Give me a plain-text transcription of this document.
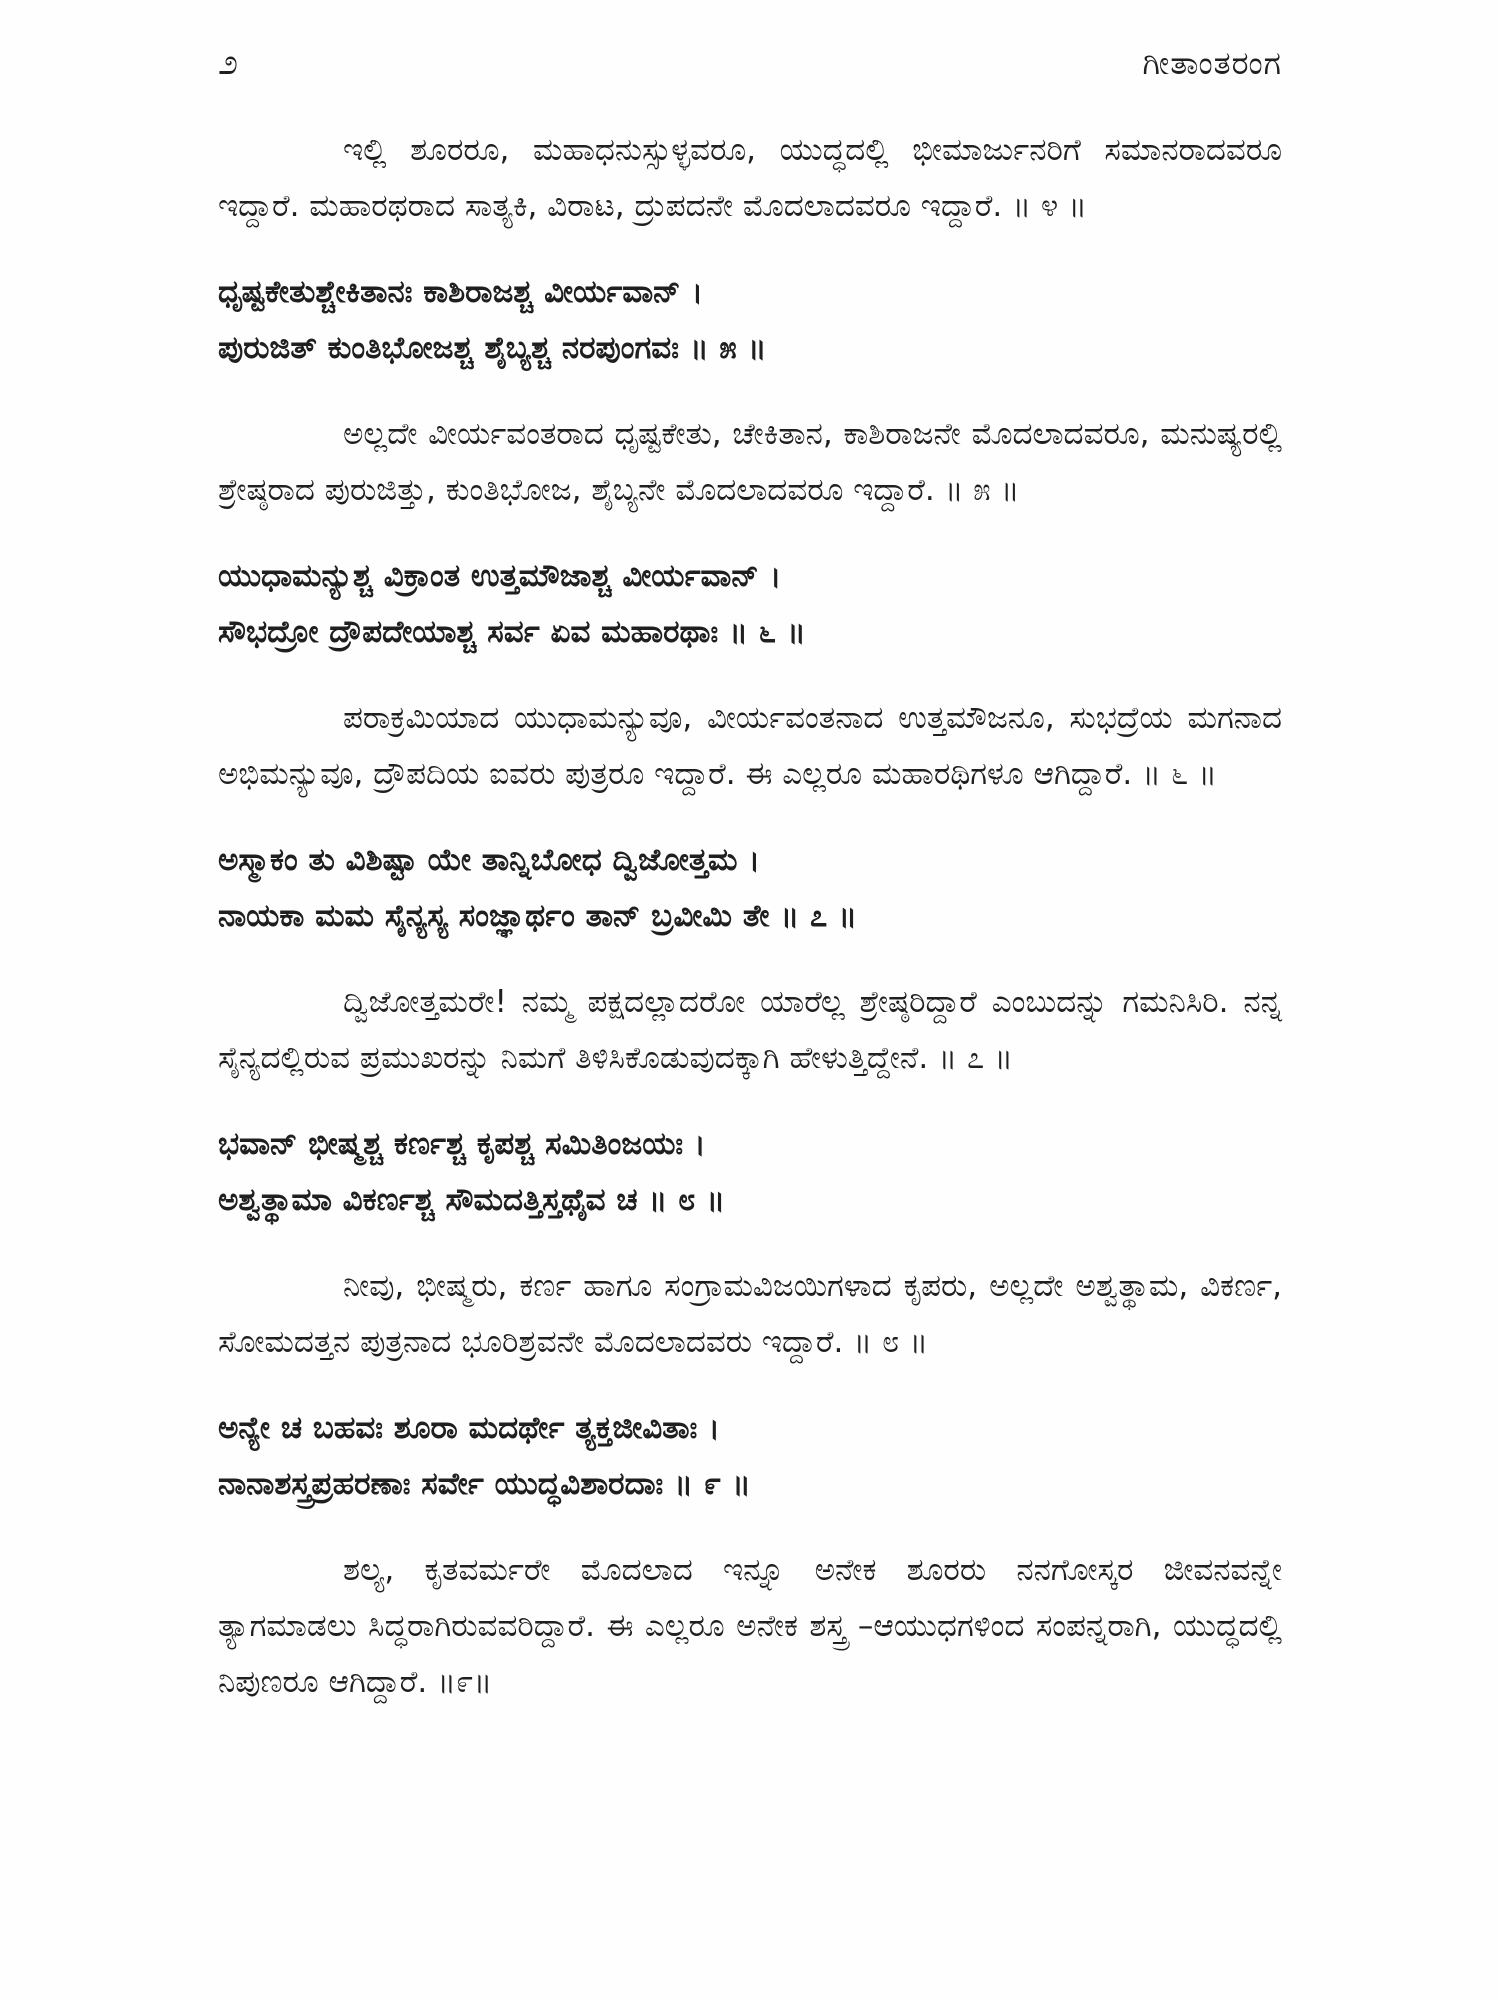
೨	ಗೀತಾಂತರಂಗ

ಇಲ್ಲಿ ಶೂರರೂ, ಮಹಾಧನುಸ್ಸುಳ್ಳವರೂ, ಯುದ್ಧದಲ್ಲಿ ಭೀಮಾರ್ಜುನರಿಗೆ ಸಮಾನರಾದವರೂ ಇದ್ದಾರೆ. ಮಹಾರಥರಾದ ಸಾತ್ಯಕಿ, ವಿರಾಟ, ದ್ರುಪದನೇ ಮೊದಲಾದವರೂ ಇದ್ದಾರೆ. ॥ ೪ ॥

ಧೃಷ್ಟಕೇತುಶ್ಚೇಕಿತಾನಃ ಕಾಶಿರಾಜಶ್ಚ ವೀರ್ಯವಾನ್ ।
ಪುರುಜಿತ್ ಕುಂತಿಭೋಜಶ್ಚ ಶೈಬ್ಯಶ್ಚ ನರಪುಂಗವಃ ॥ ೫ ॥

ಅಲ್ಲದೇ ವೀರ್ಯವಂತರಾದ ಧೃಷ್ಟಕೇತು, ಚೇಕಿತಾನ, ಕಾಶಿರಾಜನೇ ಮೊದಲಾದವರೂ, ಮನುಷ್ಯರಲ್ಲಿ ಶ್ರೇಷ್ಠರಾದ ಪುರುಜಿತ್ತು, ಕುಂತಿಭೋಜ, ಶೈಬ್ಯನೇ ಮೊದಲಾದವರೂ ಇದ್ದಾರೆ. ॥ ೫ ॥

ಯುಧಾಮನ್ಯುಶ್ಚ ವಿಕ್ರಾಂತ ಉತ್ತಮೌಜಾಶ್ಚ ವೀರ್ಯವಾನ್ ।
ಸೌಭದ್ರೋ ದ್ರೌಪದೇಯಾಶ್ಚ ಸರ್ವ ಏವ ಮಹಾರಥಾಃ ॥ ೬ ॥

ಪರಾಕ್ರಮಿಯಾದ ಯುಧಾಮನ್ಯುವೂ, ವೀರ್ಯವಂತನಾದ ಉತ್ತಮೌಜನೂ, ಸುಭದ್ರೆಯ ಮಗನಾದ ಅಭಿಮನ್ಯುವೂ, ದ್ರೌಪದಿಯ ಐವರು ಪುತ್ರರೂ ಇದ್ದಾರೆ. ಈ ಎಲ್ಲರೂ ಮಹಾರಥಿಗಳೂ ಆಗಿದ್ದಾರೆ. ॥ ೬ ॥

ಅಸ್ಮಾಕಂ ತು ವಿಶಿಷ್ಟಾ ಯೇ ತಾನ್ನಿಬೋಧ ದ್ವಿಜೋತ್ತಮ ।
ನಾಯಕಾ ಮಮ ಸೈನ್ಯಸ್ಯ ಸಂಜ್ಞಾರ್ಥಂ ತಾನ್ ಬ್ರವೀಮಿ ತೇ ॥ ೭ ॥

ದ್ವಿಜೋತ್ತಮರೇ! ನಮ್ಮ ಪಕ್ಷದಲ್ಲಾದರೋ ಯಾರೆಲ್ಲ ಶ್ರೇಷ್ಠರಿದ್ದಾರೆ ಎಂಬುದನ್ನು ಗಮನಿಸಿರಿ. ನನ್ನ ಸೈನ್ಯದಲ್ಲಿರುವ ಪ್ರಮುಖರನ್ನು ನಿಮಗೆ ತಿಳಿಸಿಕೊಡುವುದಕ್ಕಾಗಿ ಹೇಳುತ್ತಿದ್ದೇನೆ. ॥ ೭ ॥

ಭವಾನ್ ಭೀಷ್ಮಶ್ಚ ಕರ್ಣಶ್ಚ ಕೃಪಶ್ಚ ಸಮಿತಿಂಜಯಃ ।
ಅಶ್ವತ್ಥಾಮಾ ವಿಕರ್ಣಶ್ಚ ಸೌಮದತ್ತಿಸ್ತಥೈವ ಚ ॥ ೮ ॥

ನೀವು, ಭೀಷ್ಮರು, ಕರ್ಣ ಹಾಗೂ ಸಂಗ್ರಾಮವಿಜಯಿಗಳಾದ ಕೃಪರು, ಅಲ್ಲದೇ ಅಶ್ವತ್ಥಾಮ, ವಿಕರ್ಣ, ಸೋಮದತ್ತನ ಪುತ್ರನಾದ ಭೂರಿಶ್ರವನೇ ಮೊದಲಾದವರು ಇದ್ದಾರೆ. ॥ ೮ ॥

ಅನ್ಯೇ ಚ ಬಹವಃ ಶೂರಾ ಮದರ್ಥೇ ತ್ಯಕ್ತಜೀವಿತಾಃ ।
ನಾನಾಶಸ್ತ್ರಪ್ರಹರಣಾಃ ಸರ್ವೇ ಯುದ್ಧವಿಶಾರದಾಃ ॥ ೯ ॥

ಶಲ್ಯ, ಕೃತವರ್ಮರೇ ಮೊದಲಾದ ಇನ್ನೂ ಅನೇಕ ಶೂರರು ನನಗೋಸ್ಕರ ಜೀವನವನ್ನೇ ತ್ಯಾಗಮಾಡಲು ಸಿದ್ಧರಾಗಿರುವವರಿದ್ದಾರೆ. ಈ ಎಲ್ಲರೂ ಅನೇಕ ಶಸ್ತ್ರ –ಆಯುಧಗಳಿಂದ ಸಂಪನ್ನರಾಗಿ, ಯುದ್ಧದಲ್ಲಿ ನಿಪುಣರೂ ಆಗಿದ್ದಾರೆ. ॥೯॥
